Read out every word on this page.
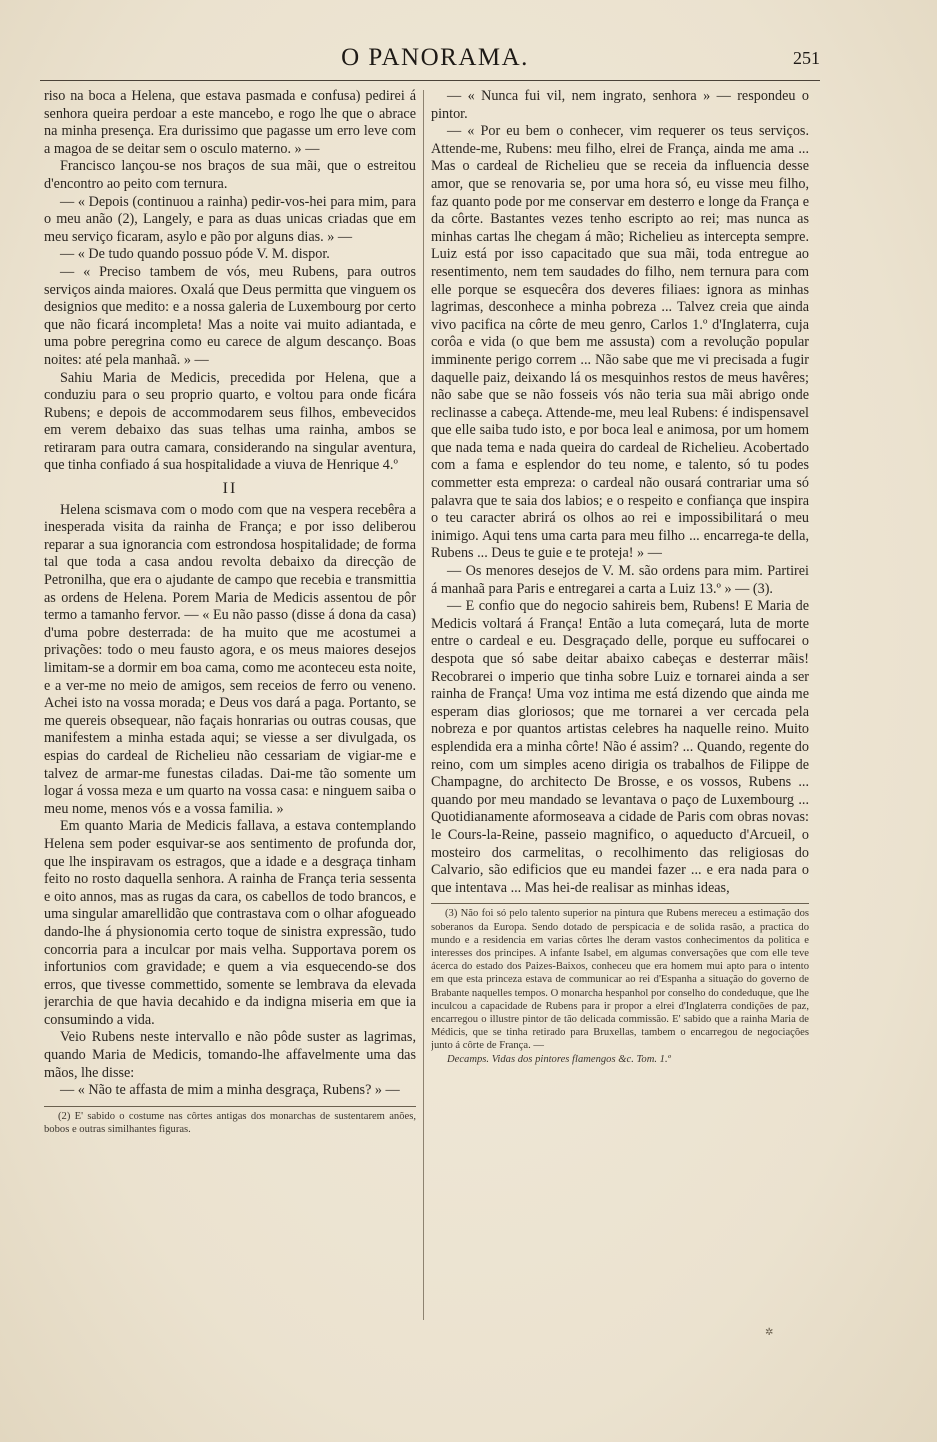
O PANORAMA.	251

riso na boca a Helena, que estava pasmada e confusa) pedirei á senhora queira perdoar a este mancebo, e rogo lhe que o abrace na minha presença. Era durissimo que pagasse um erro leve com a magoa de se deitar sem o osculo materno. » —

Francisco lançou-se nos braços de sua mãi, que o estreitou d'encontro ao peito com ternura.

— « Depois (continuou a rainha) pedir-vos-hei para mim, para o meu anão (2), Langely, e para as duas unicas criadas que em meu serviço ficaram, asylo e pão por alguns dias. » —

— « De tudo quando possuo póde V. M. dispor.

— « Preciso tambem de vós, meu Rubens, para outros serviços ainda maiores. Oxalá que Deus permitta que vinguem os designios que medito: e a nossa galeria de Luxembourg por certo que não ficará incompleta! Mas a noite vai muito adiantada, e uma pobre peregrina como eu carece de algum descanço. Boas noites: até pela manhaã. » —

Sahiu Maria de Medicis, precedida por Helena, que a conduziu para o seu proprio quarto, e voltou para onde ficára Rubens; e depois de accommodarem seus filhos, embevecidos em verem debaixo das suas telhas uma rainha, ambos se retiraram para outra camara, considerando na singular aventura, que tinha confiado á sua hospitalidade a viuva de Henrique 4.º

II

Helena scismava com o modo com que na vespera recebêra a inesperada visita da rainha de França; e por isso deliberou reparar a sua ignorancia com estrondosa hospitalidade; de forma tal que toda a casa andou revolta debaixo da direcção de Petronilha, que era o ajudante de campo que recebia e transmittia as ordens de Helena. Porem Maria de Medicis assentou de pôr termo a tamanho fervor. — « Eu não passo (disse á dona da casa) d'uma pobre desterrada: de ha muito que me acostumei a privações: todo o meu fausto agora, e os meus maiores desejos limitam-se a dormir em boa cama, como me aconteceu esta noite, e a ver-me no meio de amigos, sem receios de ferro ou veneno. Achei isto na vossa morada; e Deus vos dará a paga. Portanto, se me quereis obsequear, não façais honrarias ou outras cousas, que manifestem a minha estada aqui; se viesse a ser divulgada, os espias do cardeal de Richelieu não cessariam de vigiar-me e talvez de armar-me funestas ciladas. Dai-me tão somente um logar á vossa meza e um quarto na vossa casa: e ninguem saiba o meu nome, menos vós e a vossa familia. »

Em quanto Maria de Medicis fallava, a estava contemplando Helena sem poder esquivar-se aos sentimento de profunda dor, que lhe inspiravam os estragos, que a idade e a desgraça tinham feito no rosto daquella senhora. A rainha de França teria sessenta e oito annos, mas as rugas da cara, os cabellos de todo brancos, e uma singular amarellidão que contrastava com o olhar afogueado dando-lhe á physionomia certo toque de sinistra expressão, tudo concorria para a inculcar por mais velha. Supportava porem os infortunios com gravidade; e quem a via esquecendo-se dos erros, que tivesse commettido, somente se lembrava da elevada jerarchia de que havia decahido e da indigna miseria em que ia consumindo a vida.

Veio Rubens neste intervallo e não pôde suster as lagrimas, quando Maria de Medicis, tomando-lhe affavelmente uma das mãos, lhe disse:

— « Não te affasta de mim a minha desgraça, Rubens? » —

(2) E' sabido o costume nas côrtes antigas dos monarchas de sustentarem anões, bobos e outras similhantes figuras.

— « Nunca fui vil, nem ingrato, senhora » — respondeu o pintor.

— « Por eu bem o conhecer, vim requerer os teus serviços. Attende-me, Rubens: meu filho, elrei de França, ainda me ama ... Mas o cardeal de Richelieu que se receia da influencia desse amor, que se renovaria se, por uma hora só, eu visse meu filho, faz quanto pode por me conservar em desterro e longe da França e da côrte. Bastantes vezes tenho escripto ao rei; mas nunca as minhas cartas lhe chegam á mão; Richelieu as intercepta sempre. Luiz está por isso capacitado que sua mãi, toda entregue ao resentimento, nem tem saudades do filho, nem ternura para com elle porque se esquecêra dos deveres filiaes: ignora as minhas lagrimas, desconhece a minha pobreza ... Talvez creia que ainda vivo pacifica na côrte de meu genro, Carlos 1.º d'Inglaterra, cuja corôa e vida (o que bem me assusta) com a revolução popular imminente perigo correm ... Não sabe que me vi precisada a fugir daquelle paiz, deixando lá os mesquinhos restos de meus havêres; não sabe que se não fosseis vós não teria sua mãi abrigo onde reclinasse a cabeça. Attende-me, meu leal Rubens: é indispensavel que elle saiba tudo isto, e por boca leal e animosa, por um homem que nada tema e nada queira do cardeal de Richelieu. Acobertado com a fama e esplendor do teu nome, e talento, só tu podes commetter esta empreza: o cardeal não ousará contrariar uma só palavra que te saia dos labios; e o respeito e confiança que inspira o teu caracter abrirá os olhos ao rei e impossibilitará o meu inimigo. Aqui tens uma carta para meu filho ... encarrega-te della, Rubens ... Deus te guie e te proteja! » —

— Os menores desejos de V. M. são ordens para mim. Partirei á manhaã para Paris e entregarei a carta a Luiz 13.º » — (3).

— E confio que do negocio sahireis bem, Rubens! E Maria de Medicis voltará á França! Então a luta começará, luta de morte entre o cardeal e eu. Desgraçado delle, porque eu suffocarei o despota que só sabe deitar abaixo cabeças e desterrar mãis! Recobrarei o imperio que tinha sobre Luiz e tornarei ainda a ser rainha de França! Uma voz intima me está dizendo que ainda me esperam dias gloriosos; que me tornarei a ver cercada pela nobreza e por quantos artistas celebres ha naquelle reino. Muito esplendida era a minha côrte! Não é assim? ... Quando, regente do reino, com um simples aceno dirigia os trabalhos de Filippe de Champagne, do architecto De Brosse, e os vossos, Rubens ... quando por meu mandado se levantava o paço de Luxembourg ... Quotidianamente aformoseava a cidade de Paris com obras novas: le Cours-la-Reine, passeio magnifico, o aqueducto d'Arcueil, o mosteiro dos carmelitas, o recolhimento das religiosas do Calvario, são edificios que eu mandei fazer ... e era nada para o que intentava ... Mas hei-de realisar as minhas ideas,

(3) Não foi só pelo talento superior na pintura que Rubens mereceu a estimação dos soberanos da Europa. Sendo dotado de perspicacia e de solida rasão, a practica do mundo e a residencia em varias côrtes lhe deram vastos conhecimentos da politica e interesses dos principes. A infante Isabel, em algumas conversações que com elle teve ácerca do estado dos Paizes-Baixos, conheceu que era homem mui apto para o intento em que esta princeza estava de communicar ao rei d'Espanha a situação do governo de Brabante naquelles tempos. O monarcha hespanhol por conselho do condeduque, que lhe inculcou a capacidade de Rubens para ir propor a elrei d'Inglaterra condições de paz, encarregou o illustre pintor de tão delicada commissão. E' sabido que a rainha Maria de Médicis, que se tinha retirado para Bruxellas, tambem o encarregou de negociações junto á côrte de França. —

Decamps. Vidas dos pintores flamengos &c. Tom. 1.º

✲
